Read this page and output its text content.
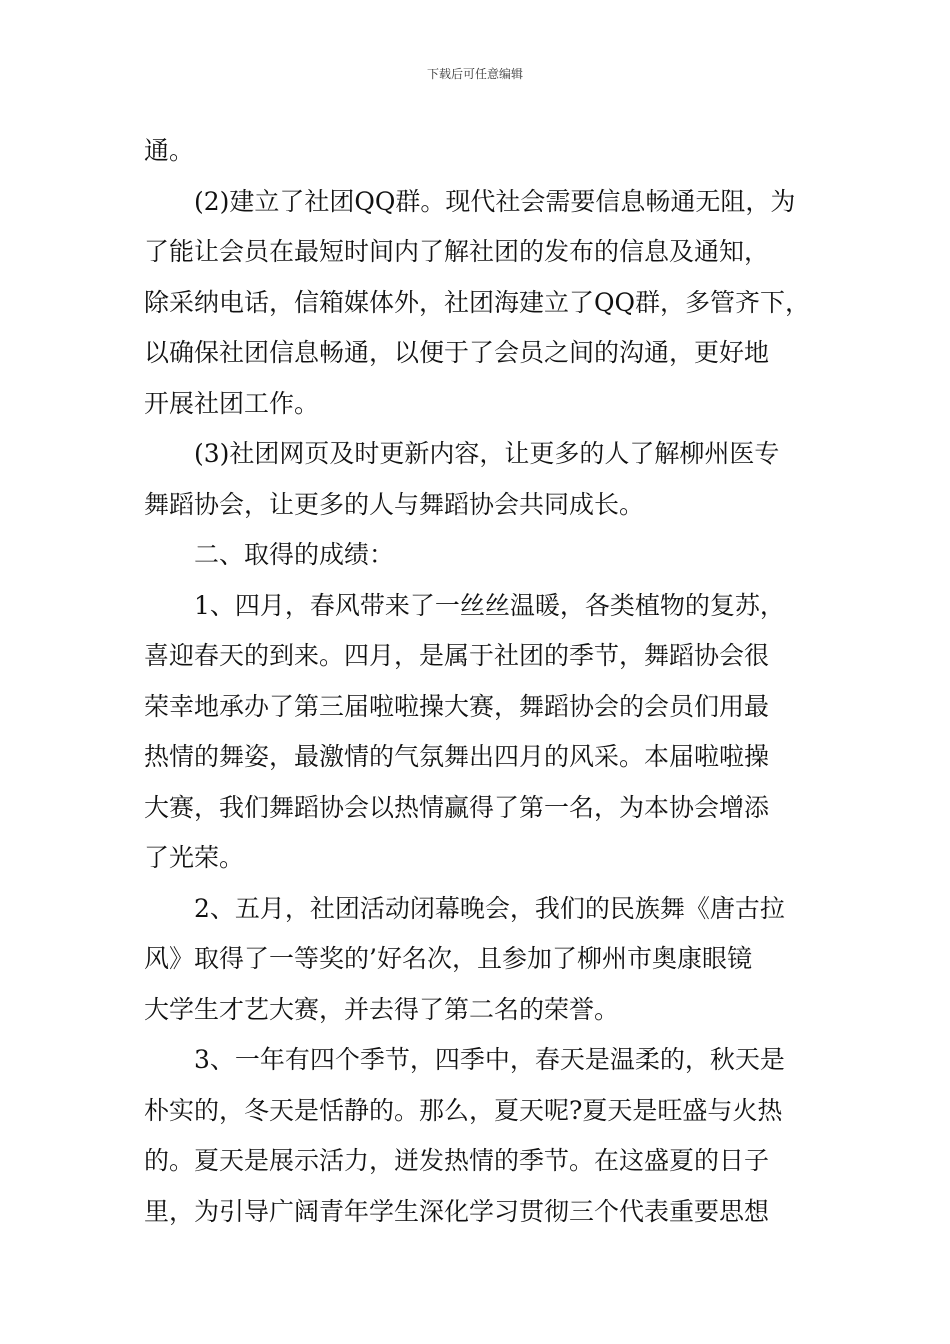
下载后可任意编辑
通。
(2)建立了社团QQ群。现代社会需要信息畅通无阻，为
了能让会员在最短时间内了解社团的发布的信息及通知，
除采纳电话，信箱媒体外，社团海建立了QQ群，多管齐下，
以确保社团信息畅通，以便于了会员之间的沟通，更好地
开展社团工作。
(3)社团网页及时更新内容，让更多的人了解柳州医专
舞蹈协会，让更多的人与舞蹈协会共同成长。
二、取得的成绩：
1、四月，春风带来了一丝丝温暖，各类植物的复苏，
喜迎春天的到来。四月，是属于社团的季节，舞蹈协会很
荣幸地承办了第三届啦啦操大赛，舞蹈协会的会员们用最
热情的舞姿，最激情的气氛舞出四月的风采。本届啦啦操
大赛，我们舞蹈协会以热情赢得了第一名，为本协会增添
了光荣。
2、五月，社团活动闭幕晚会，我们的民族舞《唐古拉
风》取得了一等奖的’好名次，且参加了柳州市奥康眼镜
大学生才艺大赛，并去得了第二名的荣誉。
3、一年有四个季节，四季中，春天是温柔的，秋天是
朴实的，冬天是恬静的。那么，夏天呢?夏天是旺盛与火热
的。夏天是展示活力，迸发热情的季节。在这盛夏的日子
里，为引导广阔青年学生深化学习贯彻三个代表重要思想
